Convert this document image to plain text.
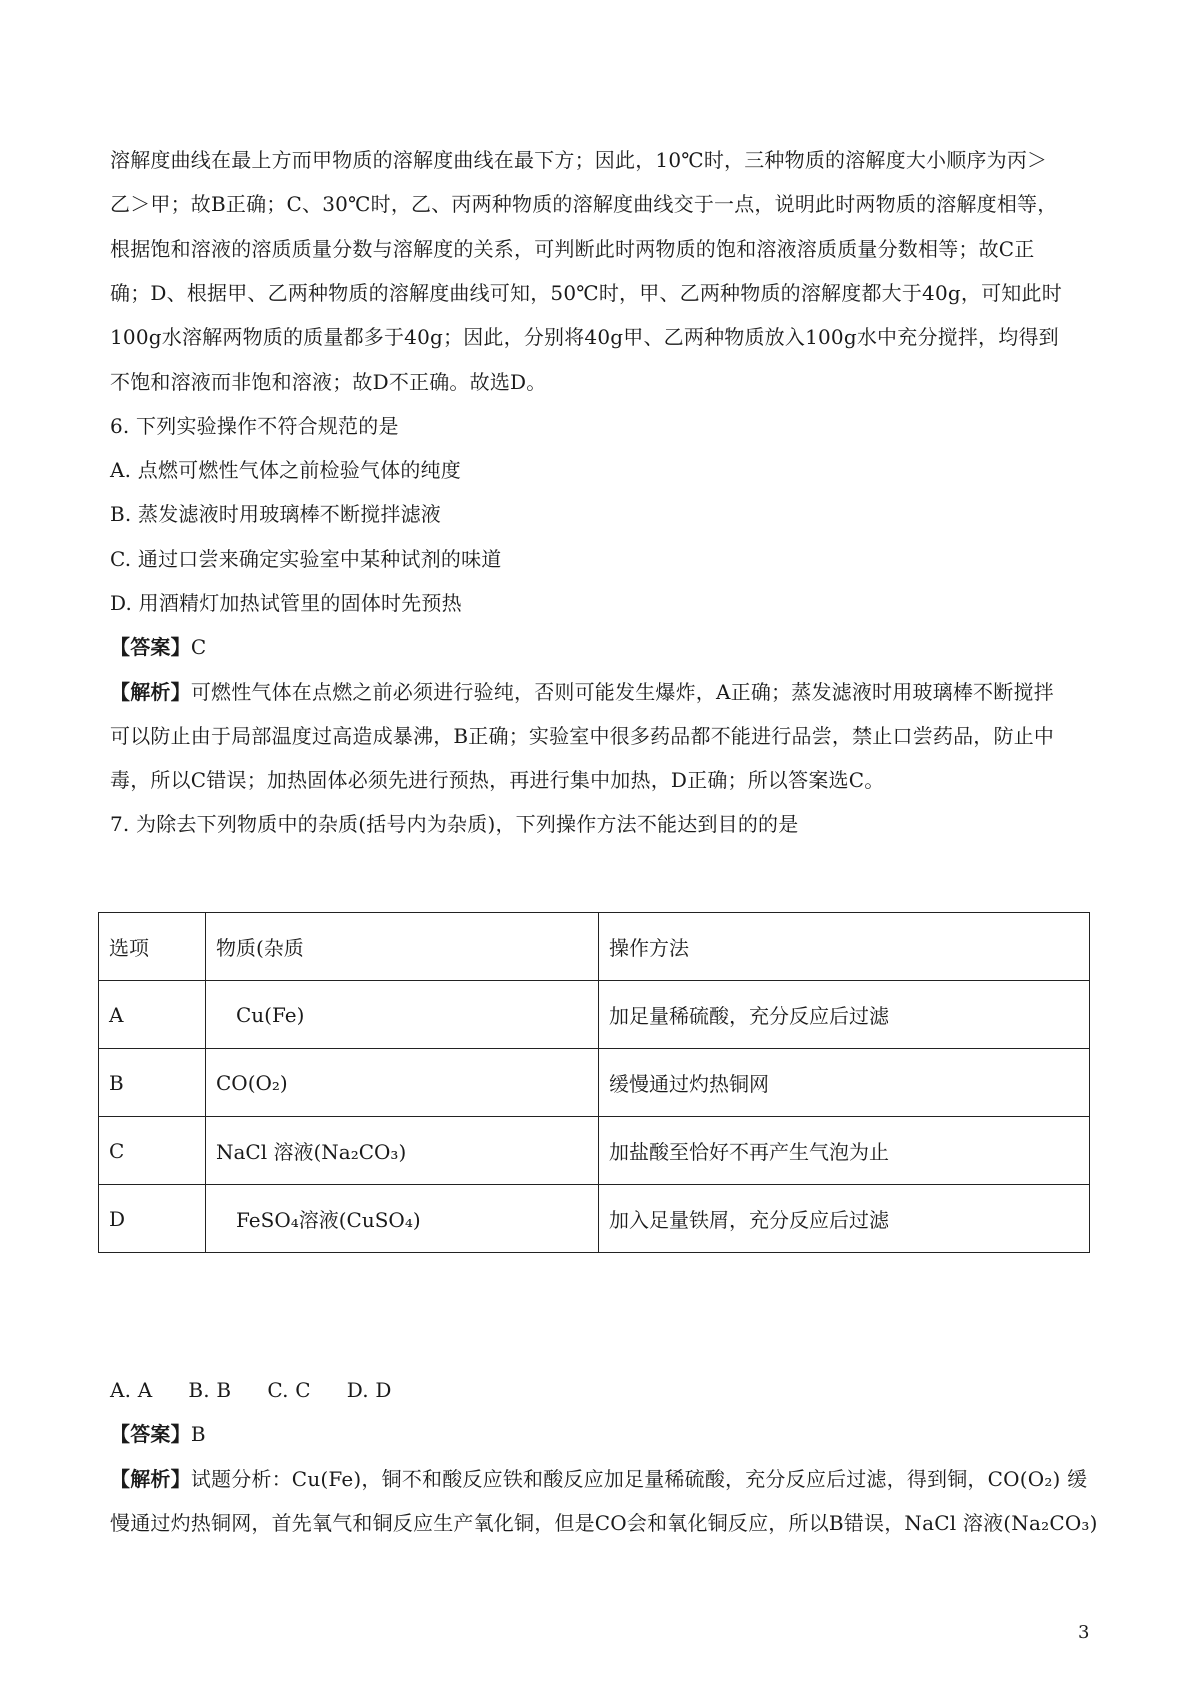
溶解度曲线在最上方而甲物质的溶解度曲线在最下方；因此，10℃时，三种物质的溶解度大小顺序为丙＞
乙＞甲；故B正确；C、30℃时，乙、丙两种物质的溶解度曲线交于一点，说明此时两物质的溶解度相等，
根据饱和溶液的溶质质量分数与溶解度的关系，可判断此时两物质的饱和溶液溶质质量分数相等；故C正
确；D、根据甲、乙两种物质的溶解度曲线可知，50℃时，甲、乙两种物质的溶解度都大于40g，可知此时
100g水溶解两物质的质量都多于40g；因此，分别将40g甲、乙两种物质放入100g水中充分搅拌，均得到
不饱和溶液而非饱和溶液；故D不正确。故选D。
6. 下列实验操作不符合规范的是
A. 点燃可燃性气体之前检验气体的纯度
B. 蒸发滤液时用玻璃棒不断搅拌滤液
C. 通过口尝来确定实验室中某种试剂的味道
D. 用酒精灯加热试管里的固体时先预热
【答案】C
【解析】可燃性气体在点燃之前必须进行验纯，否则可能发生爆炸，A正确；蒸发滤液时用玻璃棒不断搅拌
可以防止由于局部温度过高造成暴沸，B正确；实验室中很多药品都不能进行品尝，禁止口尝药品，防止中
毒，所以C错误；加热固体必须先进行预热，再进行集中加热，D正确；所以答案选C。
7. 为除去下列物质中的杂质(括号内为杂质)，下列操作方法不能达到目的的是
选项	物质(杂质	操作方法
A	Cu(Fe)	加足量稀硫酸，充分反应后过滤
B	CO(O₂)	缓慢通过灼热铜网
C	NaCl 溶液(Na₂CO₃)	加盐酸至恰好不再产生气泡为止
D	FeSO₄溶液(CuSO₄)	加入足量铁屑，充分反应后过滤
A. A B. B C. C D. D
【答案】B
【解析】试题分析：Cu(Fe)，铜不和酸反应铁和酸反应加足量稀硫酸，充分反应后过滤，得到铜，CO(O₂) 缓
慢通过灼热铜网，首先氧气和铜反应生产氧化铜，但是CO会和氧化铜反应，所以B错误，NaCl 溶液(Na₂CO₃)
3
